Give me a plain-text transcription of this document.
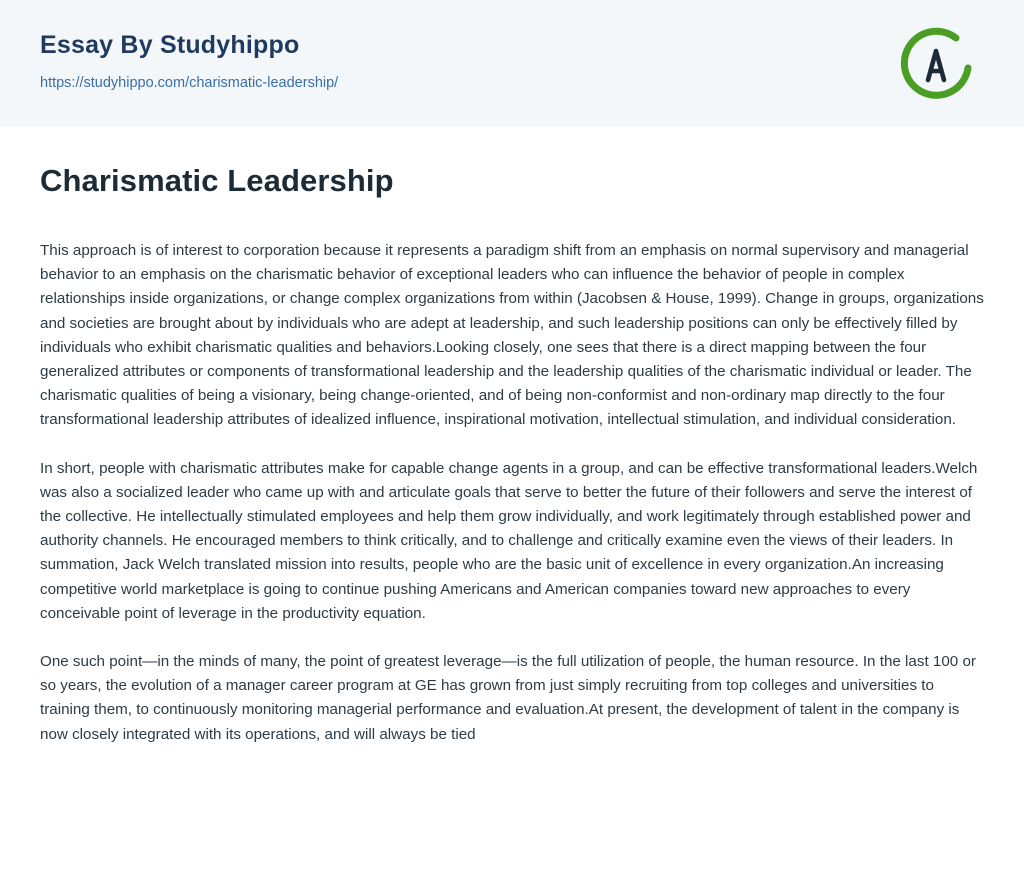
Essay By Studyhippo
https://studyhippo.com/charismatic-leadership/
Charismatic Leadership

This approach is of interest to corporation because it represents a paradigm shift from an emphasis on normal supervisory and managerial behavior to an emphasis on the charismatic behavior of exceptional leaders who can influence the behavior of people in complex relationships inside organizations, or change complex organizations from within (Jacobsen & House, 1999). Change in groups, organizations and societies are brought about by individuals who are adept at leadership, and such leadership positions can only be effectively filled by individuals who exhibit charismatic qualities and behaviors.Looking closely, one sees that there is a direct mapping between the four generalized attributes or components of transformational leadership and the leadership qualities of the charismatic individual or leader. The charismatic qualities of being a visionary, being change-oriented, and of being non-conformist and non-ordinary map directly to the four transformational leadership attributes of idealized influence, inspirational motivation, intellectual stimulation, and individual consideration.

In short, people with charismatic attributes make for capable change agents in a group, and can be effective transformational leaders.Welch was also a socialized leader who came up with and articulate goals that serve to better the future of their followers and serve the interest of the collective. He intellectually stimulated employees and help them grow individually, and work legitimately through established power and authority channels. He encouraged members to think critically, and to challenge and critically examine even the views of their leaders. In summation, Jack Welch translated mission into results, people who are the basic unit of excellence in every organization.An increasing competitive world marketplace is going to continue pushing Americans and American companies toward new approaches to every conceivable point of leverage in the productivity equation.

One such point—in the minds of many, the point of greatest leverage—is the full utilization of people, the human resource. In the last 100 or so years, the evolution of a manager career program at GE has grown from just simply recruiting from top colleges and universities to training them, to continuously monitoring managerial performance and evaluation.At present, the development of talent in the company is now closely integrated with its operations, and will always be tied
